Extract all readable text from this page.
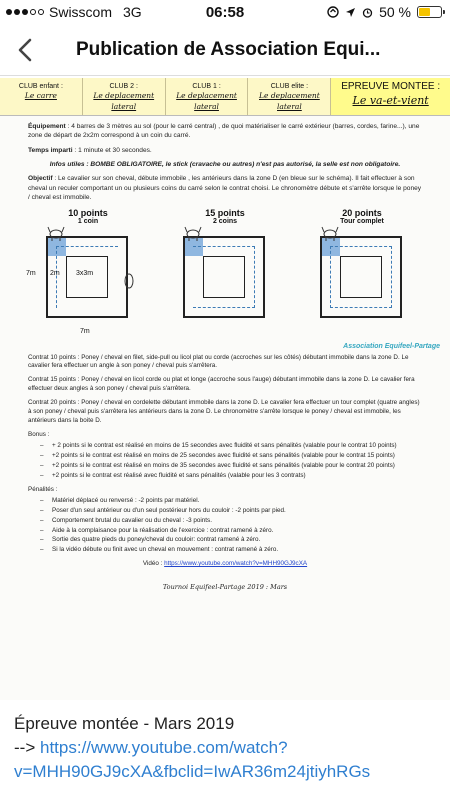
Swisscom 3G	06:58	50 %
Publication de Association Equi...
CLUB enfant :
Le carre
CLUB 2 :
Le deplacement lateral
CLUB 1 :
Le deplacement lateral
CLUB elite :
Le deplacement lateral
EPREUVE MONTEE :
Le va-et-vient

Équipement : 4 barres de 3 mètres au sol (pour le carré central) , de quoi matérialiser le carré extérieur (barres, cordes, farine...), une zone de départ de 2x2m correspond à un coin du carré.

Temps imparti : 1 minute et 30 secondes.

Infos utiles : BOMBE OBLIGATOIRE, le stick (cravache ou autres) n'est pas autorisé, la selle est non obligatoire.

Objectif : Le cavalier sur son cheval, débute immobile , les antérieurs dans la zone D (en bleue sur le schéma). Il fait effectuer à son cheval un reculer comportant un ou plusieurs coins du carré selon le contrat choisi. Le chronomètre débute et s'arrête lorsque le poney / cheval est immobile.

10 points
1 coin
7m 2m 3x3m
7m
15 points
2 coins
20 points
Tour complet
Association Equifeel-Partage

Contrat 10 points : Poney / cheval en filet, side-pull ou licol plat ou corde (accroches sur les côtés) débutant immobile dans la zone D. Le cavalier fera effectuer un angle à son poney / cheval puis s'arrêtera.

Contrat 15 points : Poney / cheval en licol corde ou plat et longe (accroche sous l'auge) débutant immobile dans la zone D. Le cavalier fera effectuer deux angles à son poney / cheval puis s'arrêtera.

Contrat 20 points : Poney / cheval en cordelette débutant immobile dans la zone D. Le cavalier fera effectuer un tour complet (quatre angles) à son poney / cheval puis s'arrêtera les antérieurs dans la zone D. Le chronomètre s'arrête lorsque le poney / cheval est immobile, les antérieurs dans la boite D.

Bonus :
– + 2 points si le contrat est réalisé en moins de 15 secondes avec fluidité et sans pénalités (valable pour le contrat 10 points)
– +2 points si le contrat est réalisé en moins de 25 secondes avec fluidité et sans pénalités (valable pour le contrat 15 points)
– +2 points si le contrat est réalisé en moins de 35 secondes avec fluidité et sans pénalités (valable pour le contrat 20 points)
– +2 points si le contrat est réalisé avec fluidité et sans pénalités (valable pour les 3 contrats)
Pénalités :
– Matériel déplacé ou renversé : -2 points par matériel.
– Poser d'un seul antérieur ou d'un seul postérieur hors du couloir : -2 points par pied.
– Comportement brutal du cavalier ou du cheval : -3 points.
– Aide à la complaisance pour la réalisation de l'exercice : contrat ramené à zéro.
– Sortie des quatre pieds du poney/cheval du couloir: contrat ramené à zéro.
– Si la vidéo débute ou finit avec un cheval en mouvement : contrat ramené à zéro.
Vidéo : https://www.youtube.com/watch?v=MHH90GJ9cXA
Tournoi Equifeel-Partage 2019 : Mars
Épreuve montée - Mars 2019
--> https://www.youtube.com/watch?
v=MHH90GJ9cXA&fbclid=IwAR36m24jtiyhRGs
